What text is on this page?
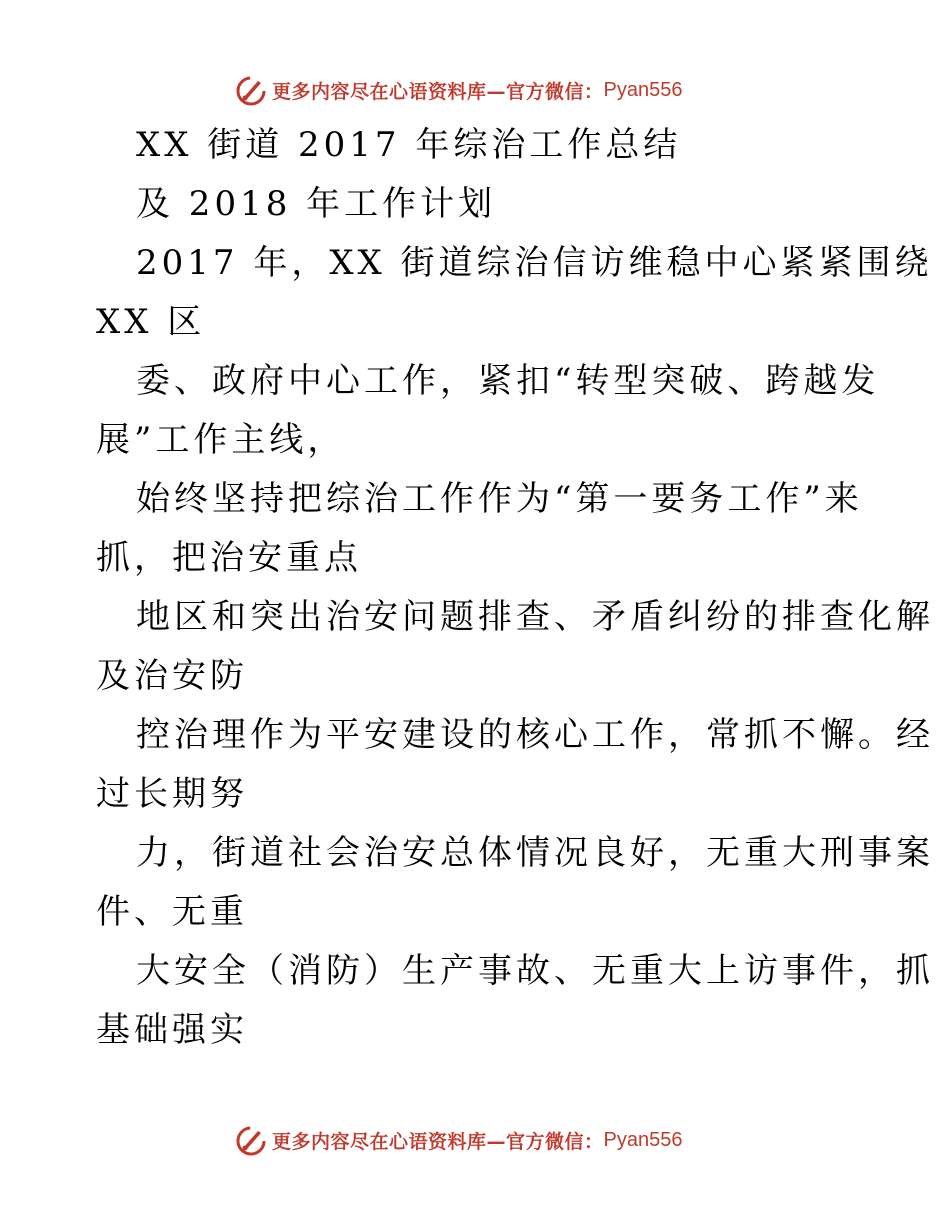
更多内容尽在心语资料库—官方微信： Pyan556
XX 街道 2017 年综治工作总结
及 2018 年工作计划
2017 年，XX 街道综治信访维稳中心紧紧围绕
XX 区
委、政府中心工作，紧扣“转型突破、跨越发
展”工作主线，
始终坚持把综治工作作为“第一要务工作”来
抓，把治安重点
地区和突出治安问题排查、矛盾纠纷的排查化解
及治安防
控治理作为平安建设的核心工作，常抓不懈。经
过长期努
力，街道社会治安总体情况良好，无重大刑事案
件、无重
大安全（消防）生产事故、无重大上访事件，抓
基础强实
更多内容尽在心语资料库—官方微信： Pyan556
